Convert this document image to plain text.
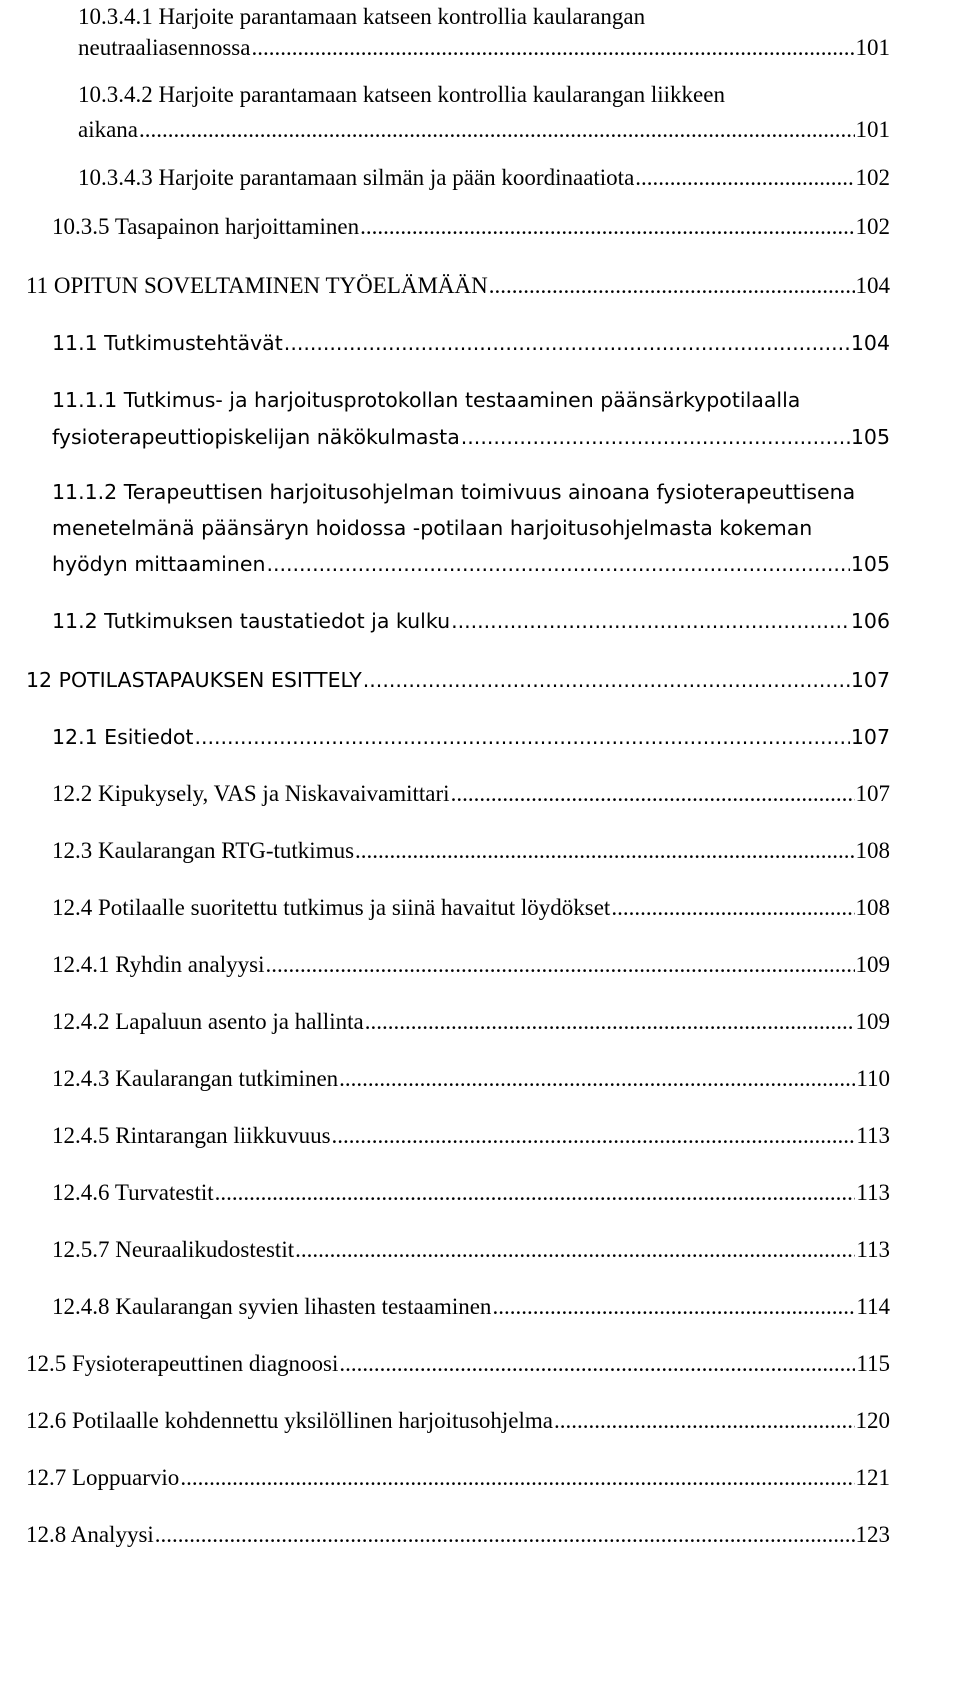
10.3.4.1 Harjoite parantamaan katseen kontrollia kaularangan
neutraaliasennossa .....	101
10.3.4.2 Harjoite parantamaan katseen kontrollia kaularangan liikkeen
aikana .....	101
10.3.4.3 Harjoite parantamaan silmän ja pään koordinaatiota .....	102
10.3.5 Tasapainon harjoittaminen .....	102
11 OPITUN SOVELTAMINEN TYÖELÄMÄÄN .....	104
11.1 Tutkimustehtävät .....	104
11.1.1 Tutkimus- ja harjoitusprotokollan testaaminen päänsärkypotilaalla
fysioterapeuttiopiskelijan näkökulmasta .....	105
11.1.2 Terapeuttisen harjoitusohjelman toimivuus ainoana fysioterapeuttisena
menetelmänä päänsäryn hoidossa -potilaan harjoitusohjelmasta kokeman
hyödyn mittaaminen .....	105
11.2 Tutkimuksen taustatiedot ja kulku .....	106
12 POTILASTAPAUKSEN ESITTELY .....	107
12.1 Esitiedot .....	107
12.2 Kipukysely, VAS ja Niskavaivamittari .....	107
12.3 Kaularangan RTG-tutkimus .....	108
12.4 Potilaalle suoritettu tutkimus ja siinä havaitut löydökset .....	108
12.4.1 Ryhdin analyysi .....	109
12.4.2 Lapaluun asento ja hallinta .....	109
12.4.3 Kaularangan tutkiminen .....	110
12.4.5 Rintarangan liikkuvuus .....	113
12.4.6 Turvatestit .....	113
12.5.7 Neuraalikudostestit .....	113
12.4.8 Kaularangan syvien lihasten testaaminen .....	114
12.5 Fysioterapeuttinen diagnoosi .....	115
12.6 Potilaalle kohdennettu yksilöllinen harjoitusohjelma .....	120
12.7 Loppuarvio .....	121
12.8 Analyysi .....	123
